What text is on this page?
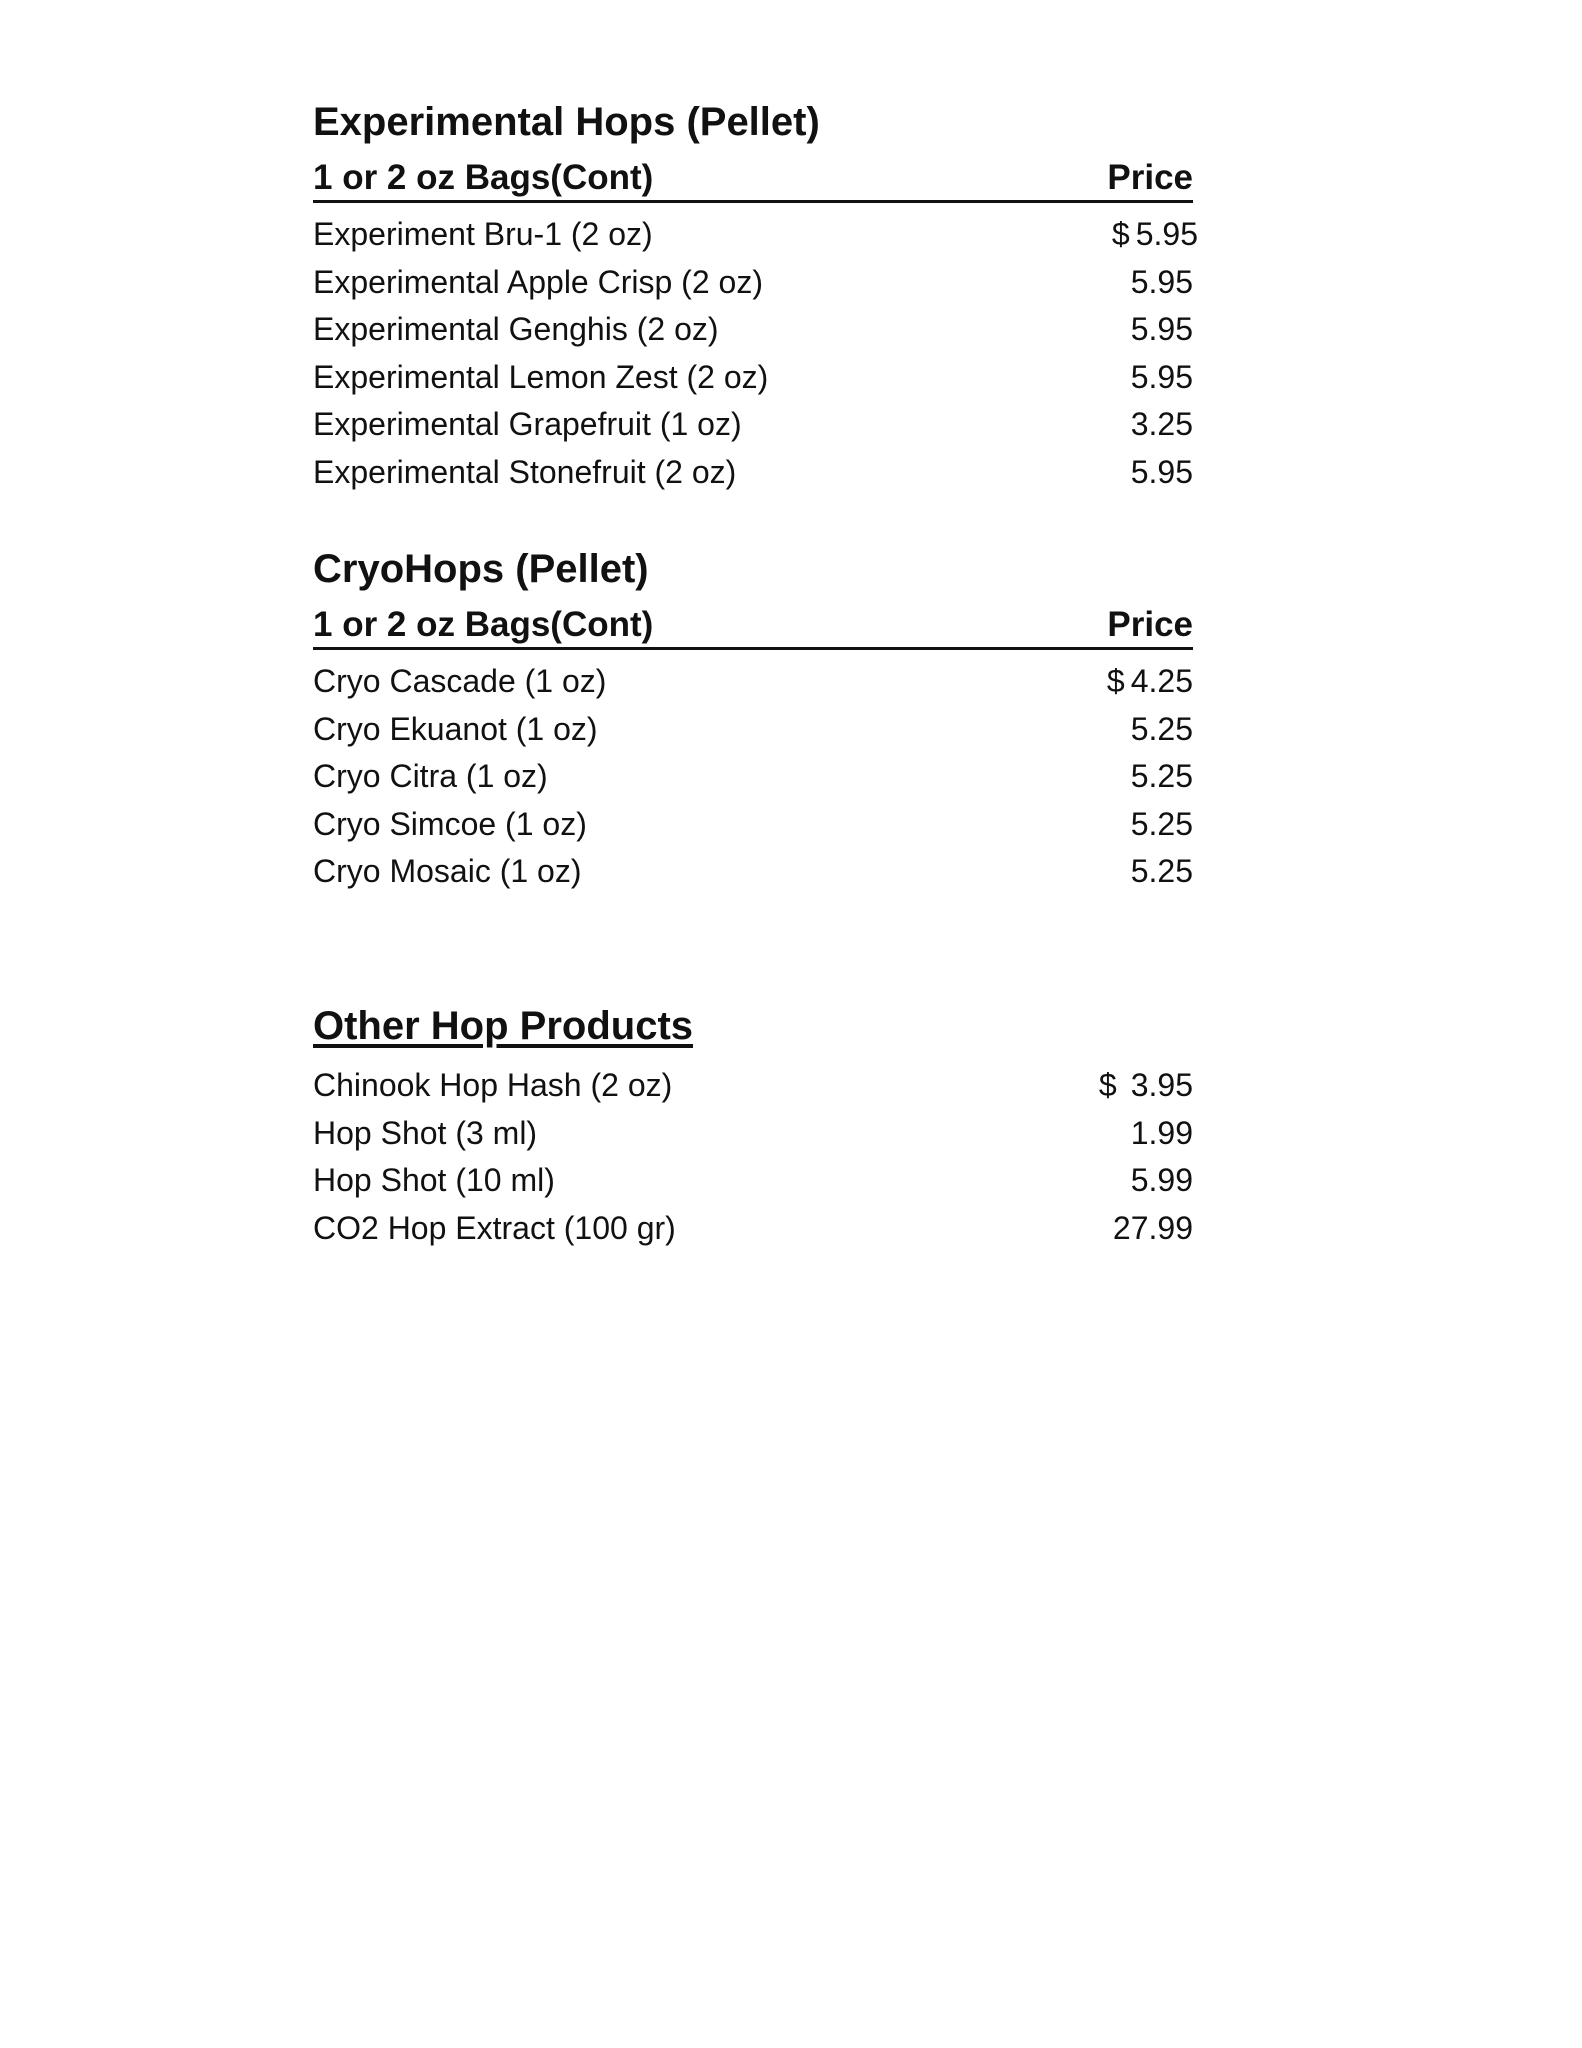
Experimental Hops (Pellet)
1 or 2 oz Bags(Cont)	Price
Experiment Bru-1 (2 oz)	$ 5.95
Experimental Apple Crisp (2 oz)	5.95
Experimental Genghis (2 oz)	5.95
Experimental Lemon Zest (2 oz)	5.95
Experimental Grapefruit (1 oz)	3.25
Experimental Stonefruit (2 oz)	5.95
CryoHops (Pellet)
1 or 2 oz Bags(Cont)	Price
Cryo Cascade (1 oz)	$ 4.25
Cryo Ekuanot (1 oz)	5.25
Cryo Citra (1 oz)	5.25
Cryo Simcoe (1 oz)	5.25
Cryo Mosaic (1 oz)	5.25
Other Hop Products
Chinook Hop Hash (2 oz)	$ 3.95
Hop Shot (3 ml)	1.99
Hop Shot (10 ml)	5.99
CO2 Hop Extract (100 gr)	27.99
